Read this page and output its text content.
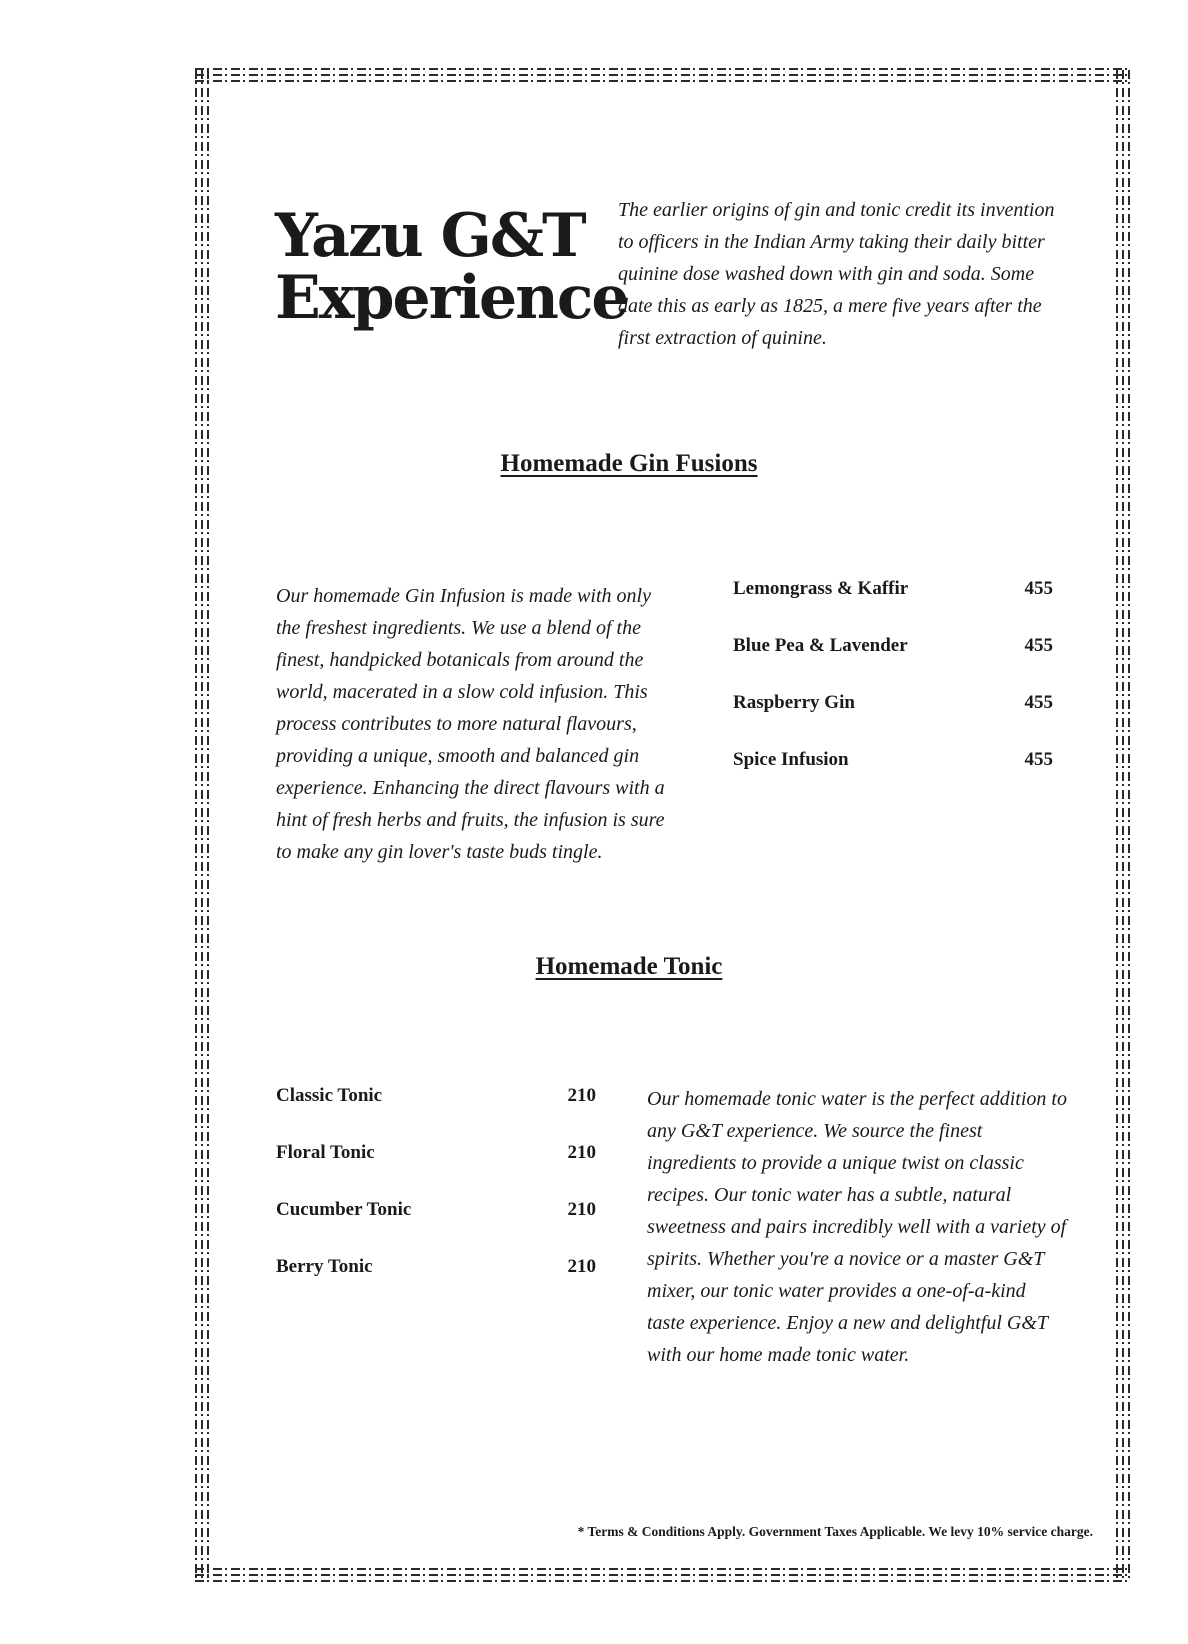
Yazu G&T
Experience

The earlier origins of gin and tonic credit its invention to officers in the Indian Army taking their daily bitter quinine dose washed down with gin and soda. Some date this as early as 1825, a mere five years after the first extraction of quinine.

Homemade Gin Fusions

Our homemade Gin Infusion is made with only the freshest ingredients. We use a blend of the finest, handpicked botanicals from around the world, macerated in a slow cold infusion. This process contributes to more natural flavours, providing a unique, smooth and balanced gin experience. Enhancing the direct flavours with a hint of fresh herbs and fruits, the infusion is sure to make any gin lover's taste buds tingle.

Lemongrass & Kaffir	455
Blue Pea & Lavender	455
Raspberry Gin	455
Spice Infusion	455
Homemade Tonic
Classic Tonic	210
Floral Tonic	210
Cucumber Tonic	210
Berry Tonic	210

Our homemade tonic water is the perfect addition to any G&T experience. We source the finest ingredients to provide a unique twist on classic recipes. Our tonic water has a subtle, natural sweetness and pairs incredibly well with a variety of spirits. Whether you're a novice or a master G&T mixer, our tonic water provides a one-of-a-kind taste experience. Enjoy a new and delightful G&T with our home made tonic water.

* Terms & Conditions Apply. Government Taxes Applicable. We levy 10% service charge.
